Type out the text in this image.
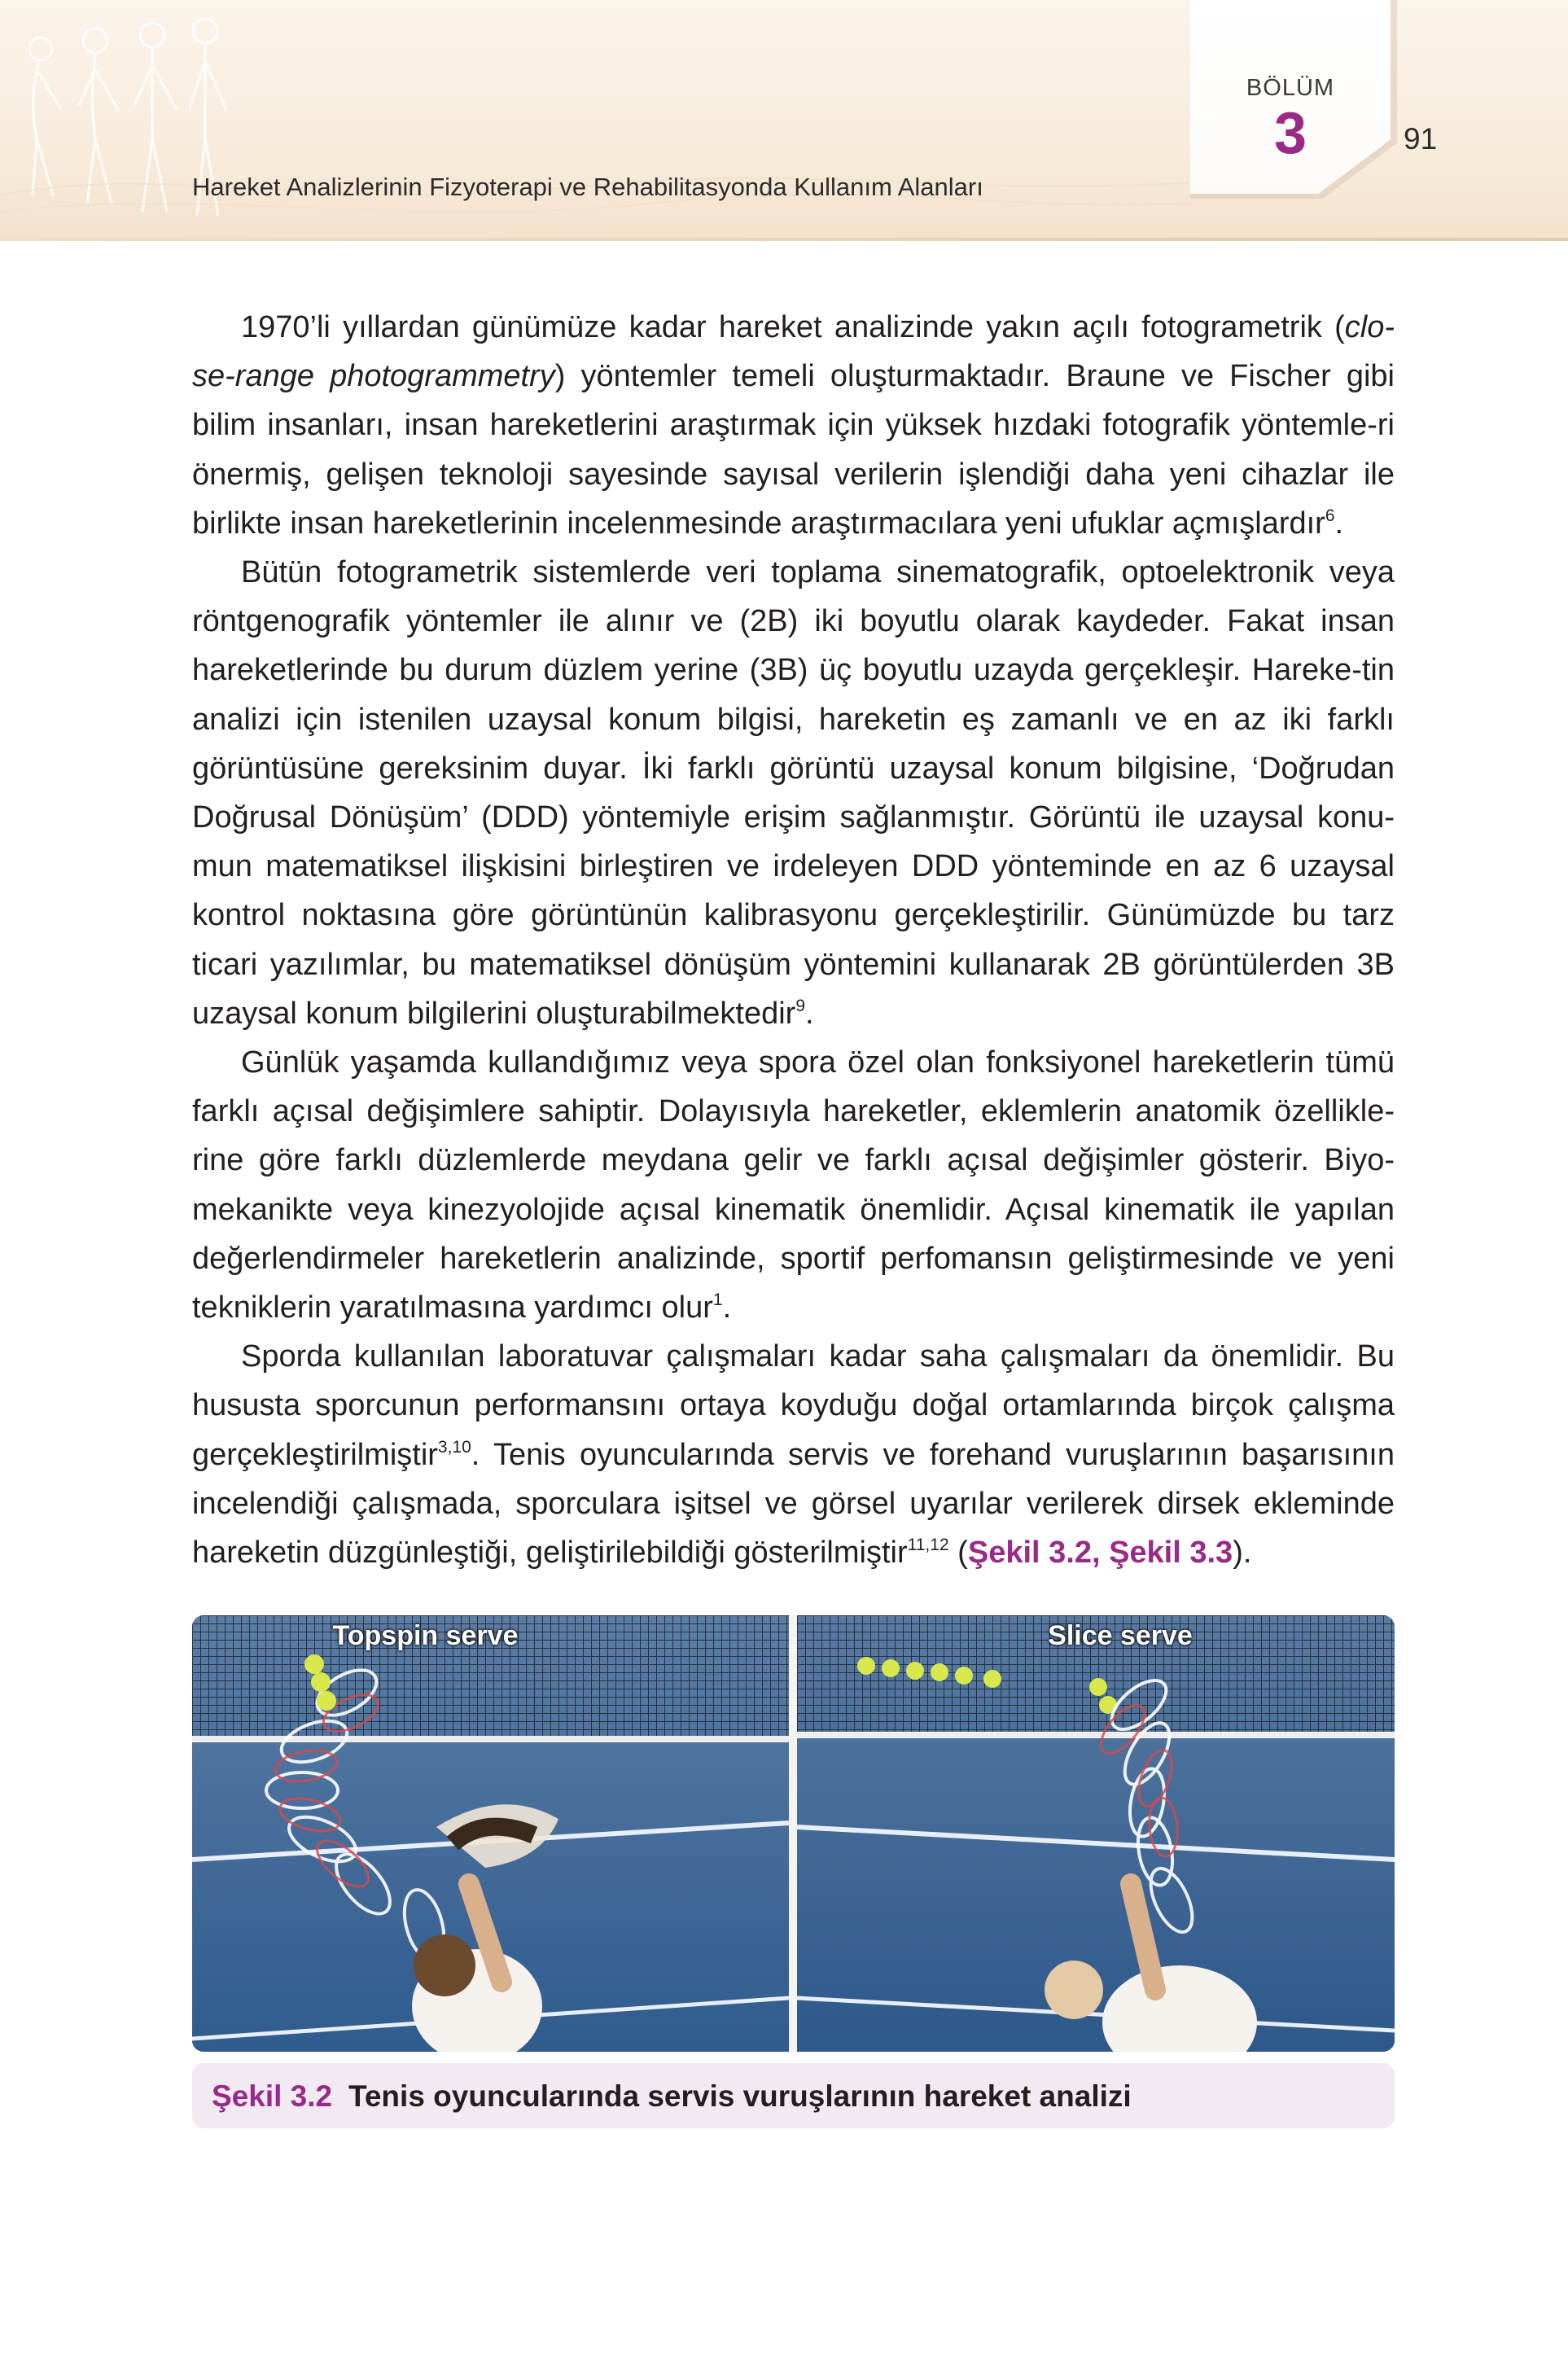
Hareket Analizlerinin Fizyoterapi ve Rehabilitasyonda Kullanım Alanları
BÖLÜM
3	91

1970’li yıllardan günümüze kadar hareket analizinde yakın açılı fotogrametrik (clo-se-range photogrammetry) yöntemler temeli oluşturmaktadır. Braune ve Fischer gibi bilim insanları, insan hareketlerini araştırmak için yüksek hızdaki fotografik yöntemle-ri önermiş, gelişen teknoloji sayesinde sayısal verilerin işlendiği daha yeni cihazlar ile birlikte insan hareketlerinin incelenmesinde araştırmacılara yeni ufuklar açmışlardır$^6$.

Bütün fotogrametrik sistemlerde veri toplama sinematografik, optoelektronik veya röntgenografik yöntemler ile alınır ve (2B) iki boyutlu olarak kaydeder. Fakat insan hareketlerinde bu durum düzlem yerine (3B) üç boyutlu uzayda gerçekleşir. Hareke-tin analizi için istenilen uzaysal konum bilgisi, hareketin eş zamanlı ve en az iki farklı görüntüsüne gereksinim duyar. İki farklı görüntü uzaysal konum bilgisine, ‘Doğrudan Doğrusal Dönüşüm’ (DDD) yöntemiyle erişim sağlanmıştır. Görüntü ile uzaysal konu-mun matematiksel ilişkisini birleştiren ve irdeleyen DDD yönteminde en az 6 uzaysal kontrol noktasına göre görüntünün kalibrasyonu gerçekleştirilir. Günümüzde bu tarz ticari yazılımlar, bu matematiksel dönüşüm yöntemini kullanarak 2B görüntülerden 3B uzaysal konum bilgilerini oluşturabilmektedir$^9$.

Günlük yaşamda kullandığımız veya spora özel olan fonksiyonel hareketlerin tümü farklı açısal değişimlere sahiptir. Dolayısıyla hareketler, eklemlerin anatomik özellikle-rine göre farklı düzlemlerde meydana gelir ve farklı açısal değişimler gösterir. Biyo-mekanikte veya kinezyolojide açısal kinematik önemlidir. Açısal kinematik ile yapılan değerlendirmeler hareketlerin analizinde, sportif perfomansın geliştirmesinde ve yeni tekniklerin yaratılmasına yardımcı olur$^1$.

Sporda kullanılan laboratuvar çalışmaları kadar saha çalışmaları da önemlidir. Bu hususta sporcunun performansını ortaya koyduğu doğal ortamlarında birçok çalışma gerçekleştirilmiştir$^{3,10}$. Tenis oyuncularında servis ve forehand vuruşlarının başarısının incelendiği çalışmada, sporculara işitsel ve görsel uyarılar verilerek dirsek ekleminde hareketin düzgünleştiği, geliştirilebildiği gösterilmiştir$^{11,12}$ (Şekil 3.2, Şekil 3.3).

Topspin serve	Slice serve
Şekil 3.2 Tenis oyuncularında servis vuruşlarının hareket analizi
